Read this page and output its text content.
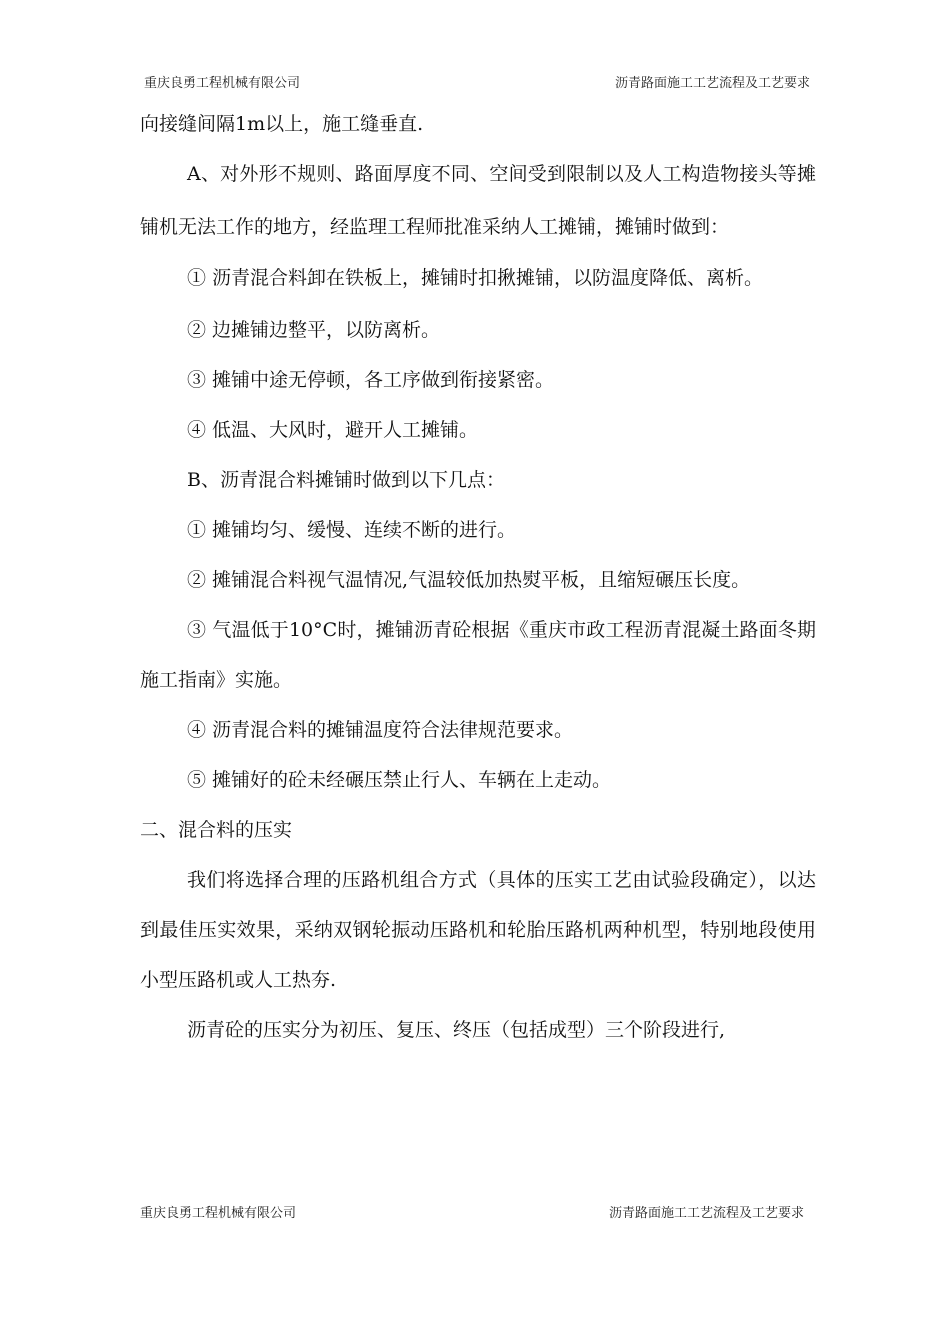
重庆良勇工程机械有限公司	沥青路面施工工艺流程及工艺要求

向接缝间隔1m以上，施工缝垂直.

A、对外形不规则、路面厚度不同、空间受到限制以及人工构造物接头等摊铺机无法工作的地方，经监理工程师批准采纳人工摊铺，摊铺时做到：

① 沥青混合料卸在铁板上，摊铺时扣揪摊铺，以防温度降低、离析。

② 边摊铺边整平，以防离析。

③ 摊铺中途无停顿，各工序做到衔接紧密。

④ 低温、大风时，避开人工摊铺。

B、沥青混合料摊铺时做到以下几点：

① 摊铺均匀、缓慢、连续不断的进行。

② 摊铺混合料视气温情况,气温较低加热熨平板，且缩短碾压长度。

③ 气温低于10°C时，摊铺沥青砼根据《重庆市政工程沥青混凝土路面冬期施工指南》实施。

④ 沥青混合料的摊铺温度符合法律规范要求。

⑤ 摊铺好的砼未经碾压禁止行人、车辆在上走动。

二、混合料的压实

我们将选择合理的压路机组合方式（具体的压实工艺由试验段确定），以达到最佳压实效果，采纳双钢轮振动压路机和轮胎压路机两种机型，特别地段使用小型压路机或人工热夯.

沥青砼的压实分为初压、复压、终压（包括成型）三个阶段进行,

重庆良勇工程机械有限公司	沥青路面施工工艺流程及工艺要求
